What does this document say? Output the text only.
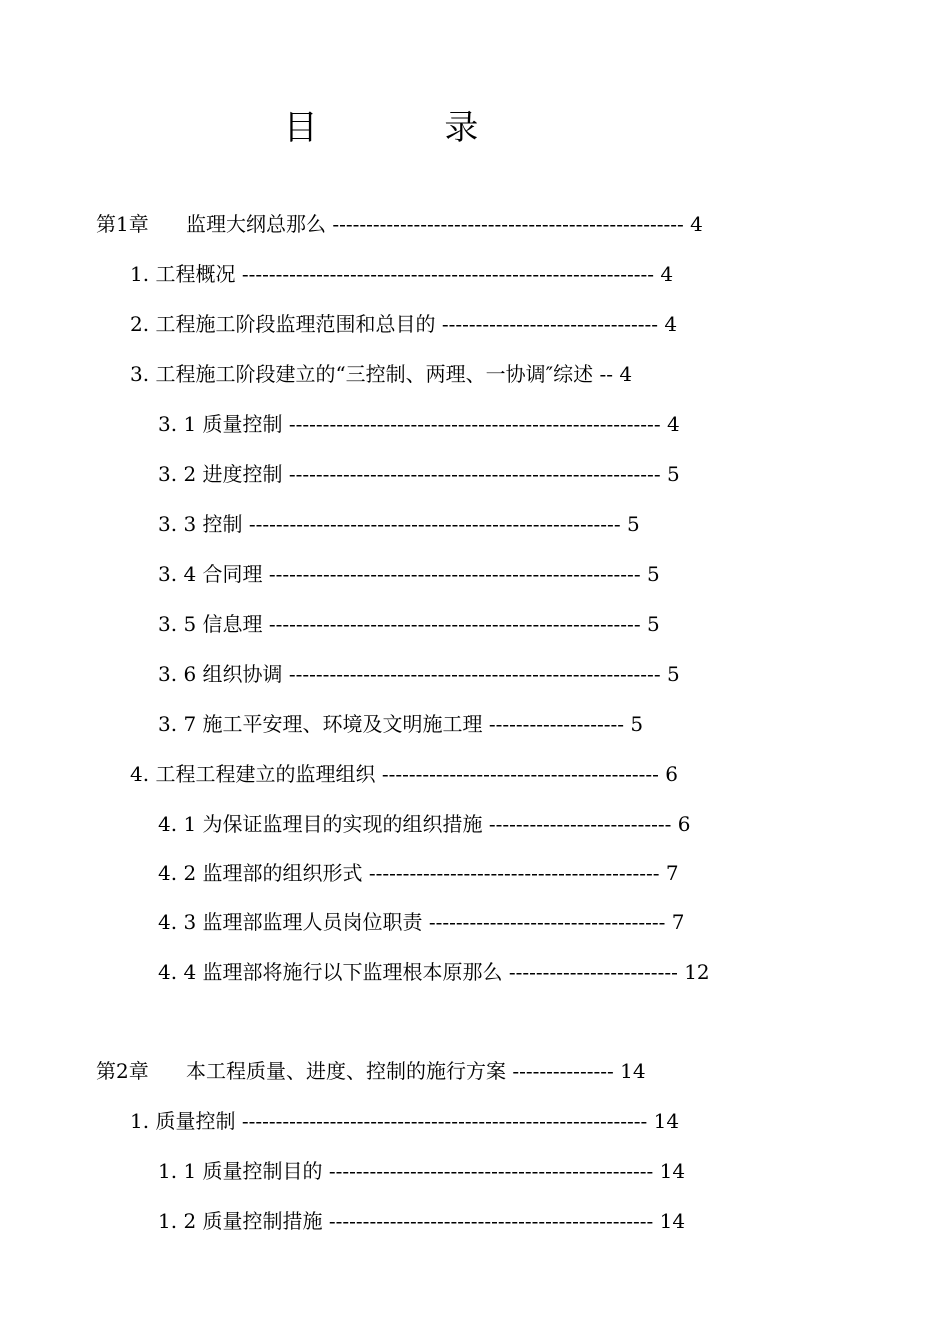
目 录
第1章 监理大纲总那么 ---------------------------------------------------- 4
1. 工程概况 ------------------------------------------------------------- 4
2. 工程施工阶段监理范围和总目的 -------------------------------- 4
3. 工程施工阶段建立的“三控制、两理、一协调″综述 -- 4
3. 1 质量控制 ------------------------------------------------------- 4
3. 2 进度控制 ------------------------------------------------------- 5
3. 3 控制 ------------------------------------------------------- 5
3. 4 合同理 ------------------------------------------------------- 5
3. 5 信息理 ------------------------------------------------------- 5
3. 6 组织协调 ------------------------------------------------------- 5
3. 7 施工平安理、环境及文明施工理 -------------------- 5
4. 工程工程建立的监理组织 ----------------------------------------- 6
4. 1 为保证监理目的实现的组织措施 --------------------------- 6
4. 2 监理部的组织形式 ------------------------------------------- 7
4. 3 监理部监理人员岗位职责 ----------------------------------- 7
4. 4 监理部将施行以下监理根本原那么 ------------------------- 12
第2章 本工程质量、进度、控制的施行方案 --------------- 14
1. 质量控制 ------------------------------------------------------------ 14
1. 1 质量控制目的 ------------------------------------------------ 14
1. 2 质量控制措施 ------------------------------------------------ 14
